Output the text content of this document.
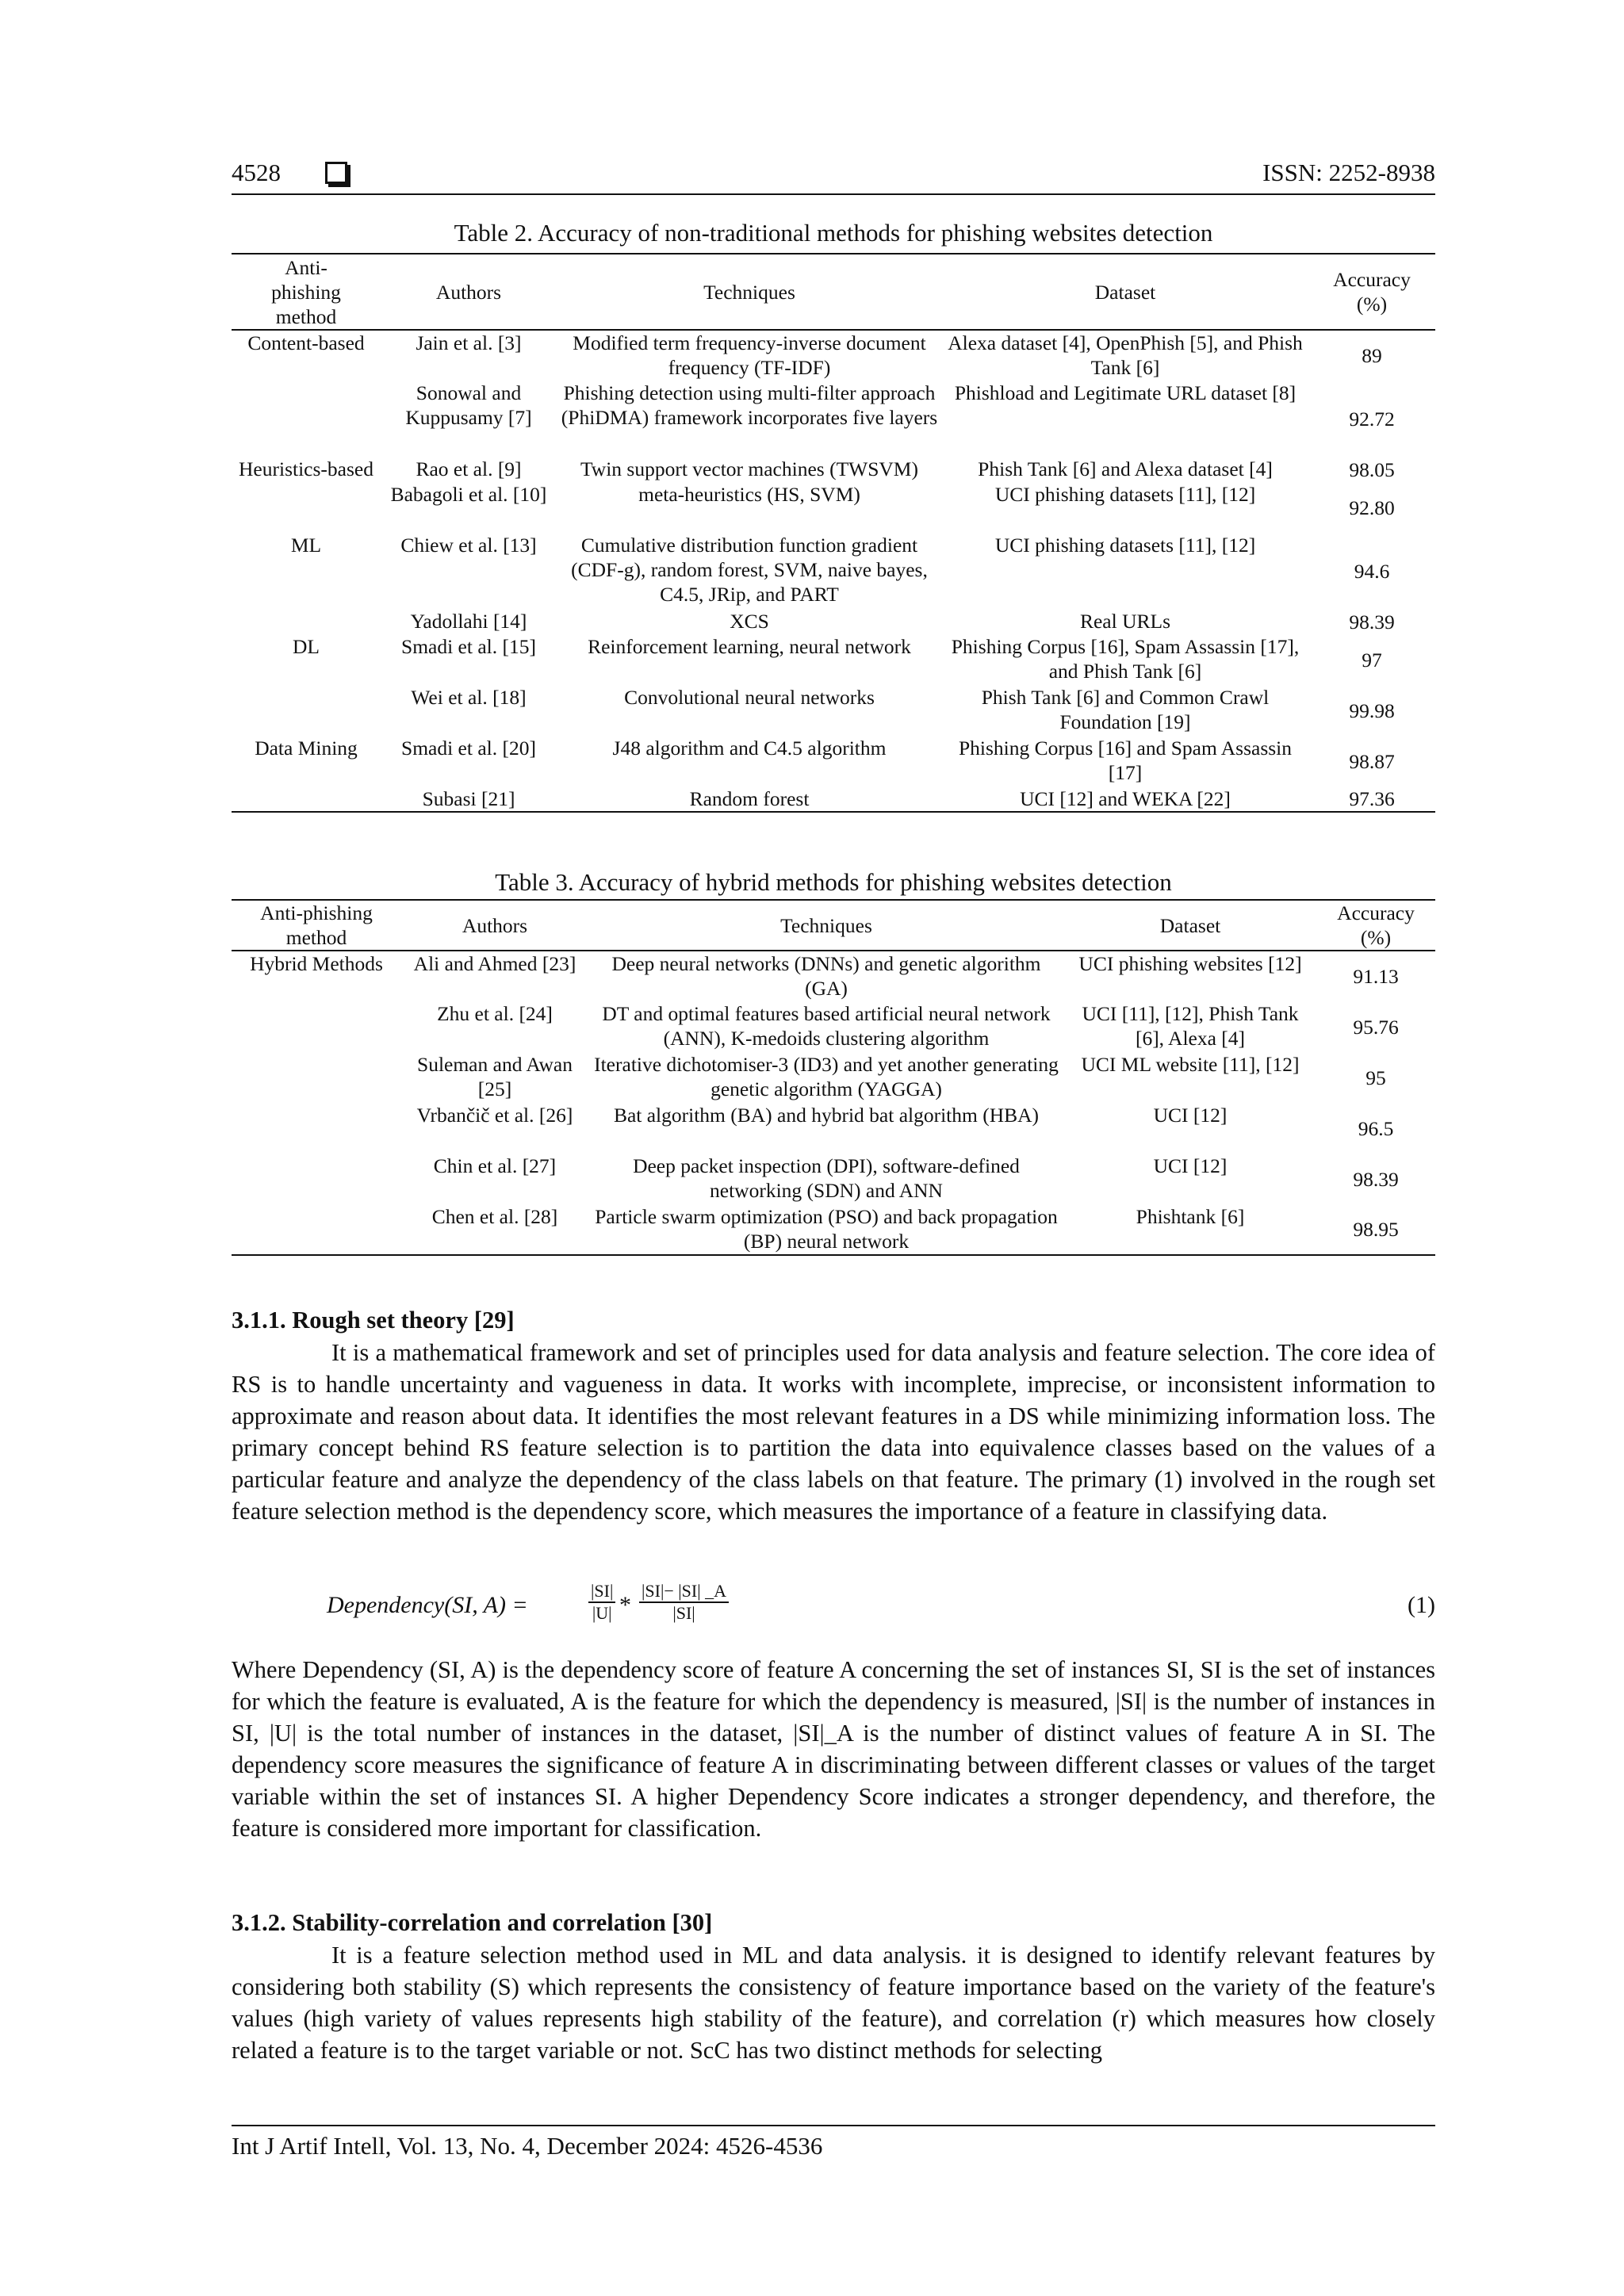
4528	ISSN: 2252-8938
Table 2. Accuracy of non-traditional methods for phishing websites detection
Anti-phishing method	Authors	Techniques	Dataset	Accuracy (%)
Content-based	Jain et al. [3]	Modified term frequency-inverse document frequency (TF-IDF)	Alexa dataset [4], OpenPhish [5], and Phish Tank [6]	89
	Sonowal and Kuppusamy [7]	Phishing detection using multi-filter approach (PhiDMA) framework incorporates five layers	Phishload and Legitimate URL dataset [8]	92.72
Heuristics-based	Rao et al. [9]	Twin support vector machines (TWSVM)	Phish Tank [6] and Alexa dataset [4]	98.05
	Babagoli et al. [10]	meta-heuristics (HS, SVM)	UCI phishing datasets [11], [12]	92.80
ML	Chiew et al. [13]	Cumulative distribution function gradient (CDF-g), random forest, SVM, naive bayes, C4.5, JRip, and PART	UCI phishing datasets [11], [12]	94.6
	Yadollahi [14]	XCS	Real URLs	98.39
DL	Smadi et al. [15]	Reinforcement learning, neural network	Phishing Corpus [16], Spam Assassin [17], and Phish Tank [6]	97
	Wei et al. [18]	Convolutional neural networks	Phish Tank [6] and Common Crawl Foundation [19]	99.98
Data Mining	Smadi et al. [20]	J48 algorithm and C4.5 algorithm	Phishing Corpus [16] and Spam Assassin [17]	98.87
	Subasi [21]	Random forest	UCI [12] and WEKA [22]	97.36
Table 3. Accuracy of hybrid methods for phishing websites detection
Anti-phishing method	Authors	Techniques	Dataset	Accuracy (%)
Hybrid Methods	Ali and Ahmed [23]	Deep neural networks (DNNs) and genetic algorithm (GA)	UCI phishing websites [12]	91.13
	Zhu et al. [24]	DT and optimal features based artificial neural network (ANN), K-medoids clustering algorithm	UCI [11], [12], Phish Tank [6], Alexa [4]	95.76
	Suleman and Awan [25]	Iterative dichotomiser-3 (ID3) and yet another generating genetic algorithm (YAGGA)	UCI ML website [11], [12]	95
	Vrbančič et al. [26]	Bat algorithm (BA) and hybrid bat algorithm (HBA)	UCI [12]	96.5
	Chin et al. [27]	Deep packet inspection (DPI), software-defined networking (SDN) and ANN	UCI [12]	98.39
	Chen et al. [28]	Particle swarm optimization (PSO) and back propagation (BP) neural network	Phishtank [6]	98.95
3.1.1. Rough set theory [29]

It is a mathematical framework and set of principles used for data analysis and feature selection. The core idea of RS is to handle uncertainty and vagueness in data. It works with incomplete, imprecise, or inconsistent information to approximate and reason about data. It identifies the most relevant features in a DS while minimizing information loss. The primary concept behind RS feature selection is to partition the data into equivalence classes based on the values of a particular feature and analyze the dependency of the class labels on that feature. The primary (1) involved in the rough set feature selection method is the dependency score, which measures the importance of a feature in classifying data.

Dependency(SI, A) =	$\frac{|SI|}{|U|} * \frac{|SI|- |SI| \_A}{|SI|}$	(1)

Where Dependency (SI, A) is the dependency score of feature A concerning the set of instances SI, SI is the set of instances for which the feature is evaluated, A is the feature for which the dependency is measured, |SI| is the number of instances in SI, |U| is the total number of instances in the dataset, |SI|_A is the number of distinct values of feature A in SI. The dependency score measures the significance of feature A in discriminating between different classes or values of the target variable within the set of instances SI. A higher Dependency Score indicates a stronger dependency, and therefore, the feature is considered more important for classification.

3.1.2. Stability-correlation and correlation [30]

It is a feature selection method used in ML and data analysis. it is designed to identify relevant features by considering both stability (S) which represents the consistency of feature importance based on the variety of the feature's values (high variety of values represents high stability of the feature), and correlation (r) which measures how closely related a feature is to the target variable or not. ScC has two distinct methods for selecting

Int J Artif Intell, Vol. 13, No. 4, December 2024: 4526-4536
